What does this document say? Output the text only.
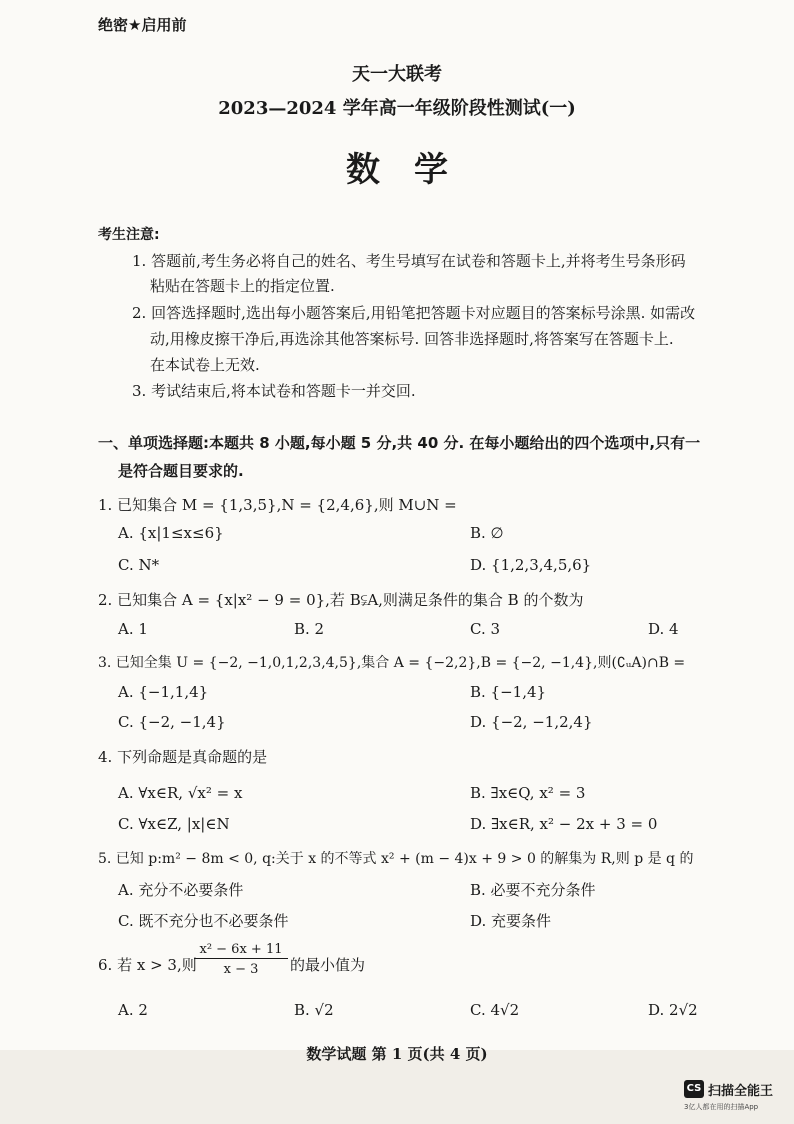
绝密★启用前
天一大联考
2023—2024 学年高一年级阶段性测试(一)
数学
考生注意:
1. 答题前,考生务必将自己的姓名、考生号填写在试卷和答题卡上,并将考生号条形码
粘贴在答题卡上的指定位置.
2. 回答选择题时,选出每小题答案后,用铅笔把答题卡对应题目的答案标号涂黑. 如需改
动,用橡皮擦干净后,再选涂其他答案标号. 回答非选择题时,将答案写在答题卡上.
在本试卷上无效.
3. 考试结束后,将本试卷和答题卡一并交回.
一、单项选择题:本题共 8 小题,每小题 5 分,共 40 分. 在每小题给出的四个选项中,只有一
是符合题目要求的.
1. 已知集合 M = {1,3,5},N = {2,4,6},则 M∪N =
A. {x|1≤x≤6}	B. ∅
C. N*	D. {1,2,3,4,5,6}
2. 已知集合 A = {x|x² − 9 = 0},若 B⫋A,则满足条件的集合 B 的个数为
A. 1	B. 2	C. 3	D. 4
3. 已知全集 U = {−2, −1,0,1,2,3,4,5},集合 A = {−2,2},B = {−2, −1,4},则(∁ᵤA)∩B =
A. {−1,1,4}	B. {−1,4}
C. {−2, −1,4}	D. {−2, −1,2,4}
4. 下列命题是真命题的是
A. ∀x∈R, √x² = x	B. ∃x∈Q, x² = 3
C. ∀x∈Z, |x|∈N	D. ∃x∈R, x² − 2x + 3 = 0
5. 已知 p:m² − 8m < 0, q:关于 x 的不等式 x² + (m − 4)x + 9 > 0 的解集为 R,则 p 是 q 的
A. 充分不必要条件	B. 必要不充分条件
C. 既不充分也不必要条件	D. 充要条件
6. 若 x > 3,则
x² − 6x + 11
x − 3	的最小值为
A. 2	B. √2	C. 4√2	D. 2√2
数学试题 第 1 页(共 4 页)
CS 扫描全能王
3亿人都在用的扫描App
